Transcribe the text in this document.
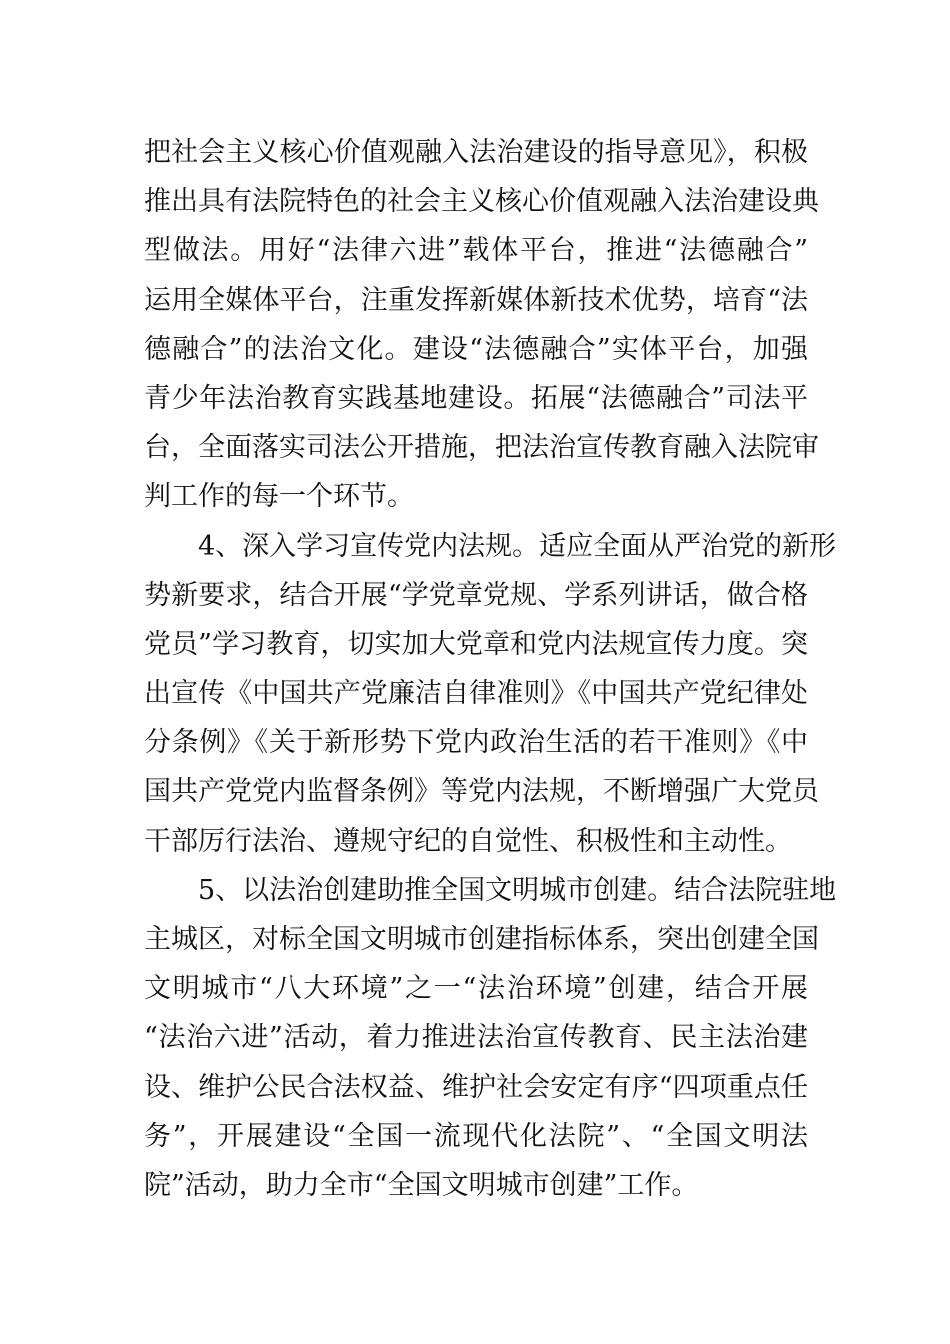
把社会主义核心价值观融入法治建设的指导意见》，积极
推出具有法院特色的社会主义核心价值观融入法治建设典
型做法。用好“法律六进”载体平台，推进“法德融合”
运用全媒体平台，注重发挥新媒体新技术优势，培育“法
德融合”的法治文化。建设“法德融合”实体平台，加强
青少年法治教育实践基地建设。拓展“法德融合”司法平
台，全面落实司法公开措施，把法治宣传教育融入法院审
判工作的每一个环节。
4、深入学习宣传党内法规。适应全面从严治党的新形
势新要求，结合开展“学党章党规、学系列讲话，做合格
党员”学习教育，切实加大党章和党内法规宣传力度。突
出宣传《中国共产党廉洁自律准则》《中国共产党纪律处
分条例》《关于新形势下党内政治生活的若干准则》《中
国共产党党内监督条例》等党内法规，不断增强广大党员
干部厉行法治、遵规守纪的自觉性、积极性和主动性。
5、以法治创建助推全国文明城市创建。结合法院驻地
主城区，对标全国文明城市创建指标体系，突出创建全国
文明城市“八大环境”之一“法治环境”创建，结合开展
“法治六进”活动，着力推进法治宣传教育、民主法治建
设、维护公民合法权益、维护社会安定有序“四项重点任
务”，开展建设“全国一流现代化法院”、“全国文明法
院”活动，助力全市“全国文明城市创建”工作。
